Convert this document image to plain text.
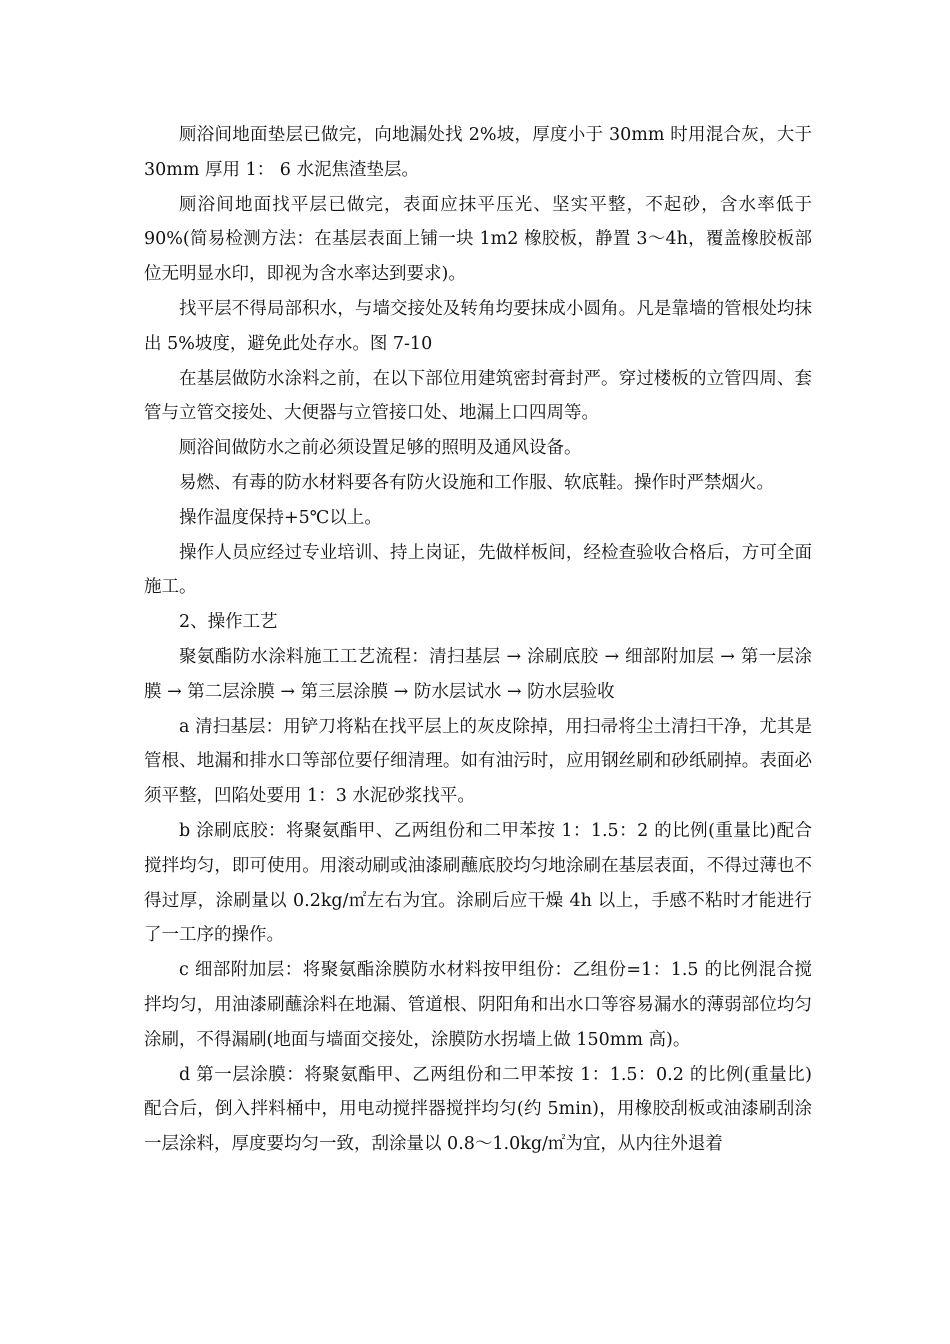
厕浴间地面垫层已做完，向地漏处找 2%坡，厚度小于 30mm 时用混合灰，大于 30mm 厚用 1： 6 水泥焦渣垫层。

厕浴间地面找平层已做完，表面应抹平压光、坚实平整，不起砂，含水率低于 90%(简易检测方法：在基层表面上铺一块 1m2 橡胶板，静置 3～4h，覆盖橡胶板部位无明显水印，即视为含水率达到要求)。

找平层不得局部积水，与墙交接处及转角均要抹成小圆角。凡是靠墙的管根处均抹出 5%坡度，避免此处存水。图 7-10

在基层做防水涂料之前，在以下部位用建筑密封膏封严。穿过楼板的立管四周、套管与立管交接处、大便器与立管接口处、地漏上口四周等。

厕浴间做防水之前必须设置足够的照明及通风设备。

易燃、有毒的防水材料要各有防火设施和工作服、软底鞋。操作时严禁烟火。

操作温度保持+5℃以上。

操作人员应经过专业培训、持上岗证，先做样板间，经检查验收合格后，方可全面施工。

2、操作工艺

聚氨酯防水涂料施工工艺流程：清扫基层 → 涂刷底胶 → 细部附加层 → 第一层涂膜 → 第二层涂膜 → 第三层涂膜 → 防水层试水 → 防水层验收

a 清扫基层：用铲刀将粘在找平层上的灰皮除掉，用扫帚将尘土清扫干净，尤其是管根、地漏和排水口等部位要仔细清理。如有油污时，应用钢丝刷和砂纸刷掉。表面必须平整，凹陷处要用 1：3 水泥砂浆找平。

b 涂刷底胶：将聚氨酯甲、乙两组份和二甲苯按 1：1.5：2 的比例(重量比)配合搅拌均匀，即可使用。用滚动刷或油漆刷蘸底胶均匀地涂刷在基层表面，不得过薄也不得过厚，涂刷量以 0.2kg/㎡左右为宜。涂刷后应干燥 4h 以上，手感不粘时才能进行了一工序的操作。

c 细部附加层：将聚氨酯涂膜防水材料按甲组份：乙组份=1：1.5 的比例混合搅拌均匀，用油漆刷蘸涂料在地漏、管道根、阴阳角和出水口等容易漏水的薄弱部位均匀涂刷，不得漏刷(地面与墙面交接处，涂膜防水拐墙上做 150mm 高)。

d 第一层涂膜：将聚氨酯甲、乙两组份和二甲苯按 1：1.5：0.2 的比例(重量比)配合后，倒入拌料桶中，用电动搅拌器搅拌均匀(约 5min)，用橡胶刮板或油漆刷刮涂一层涂料，厚度要均匀一致，刮涂量以 0.8～1.0kg/㎡为宜，从内往外退着
